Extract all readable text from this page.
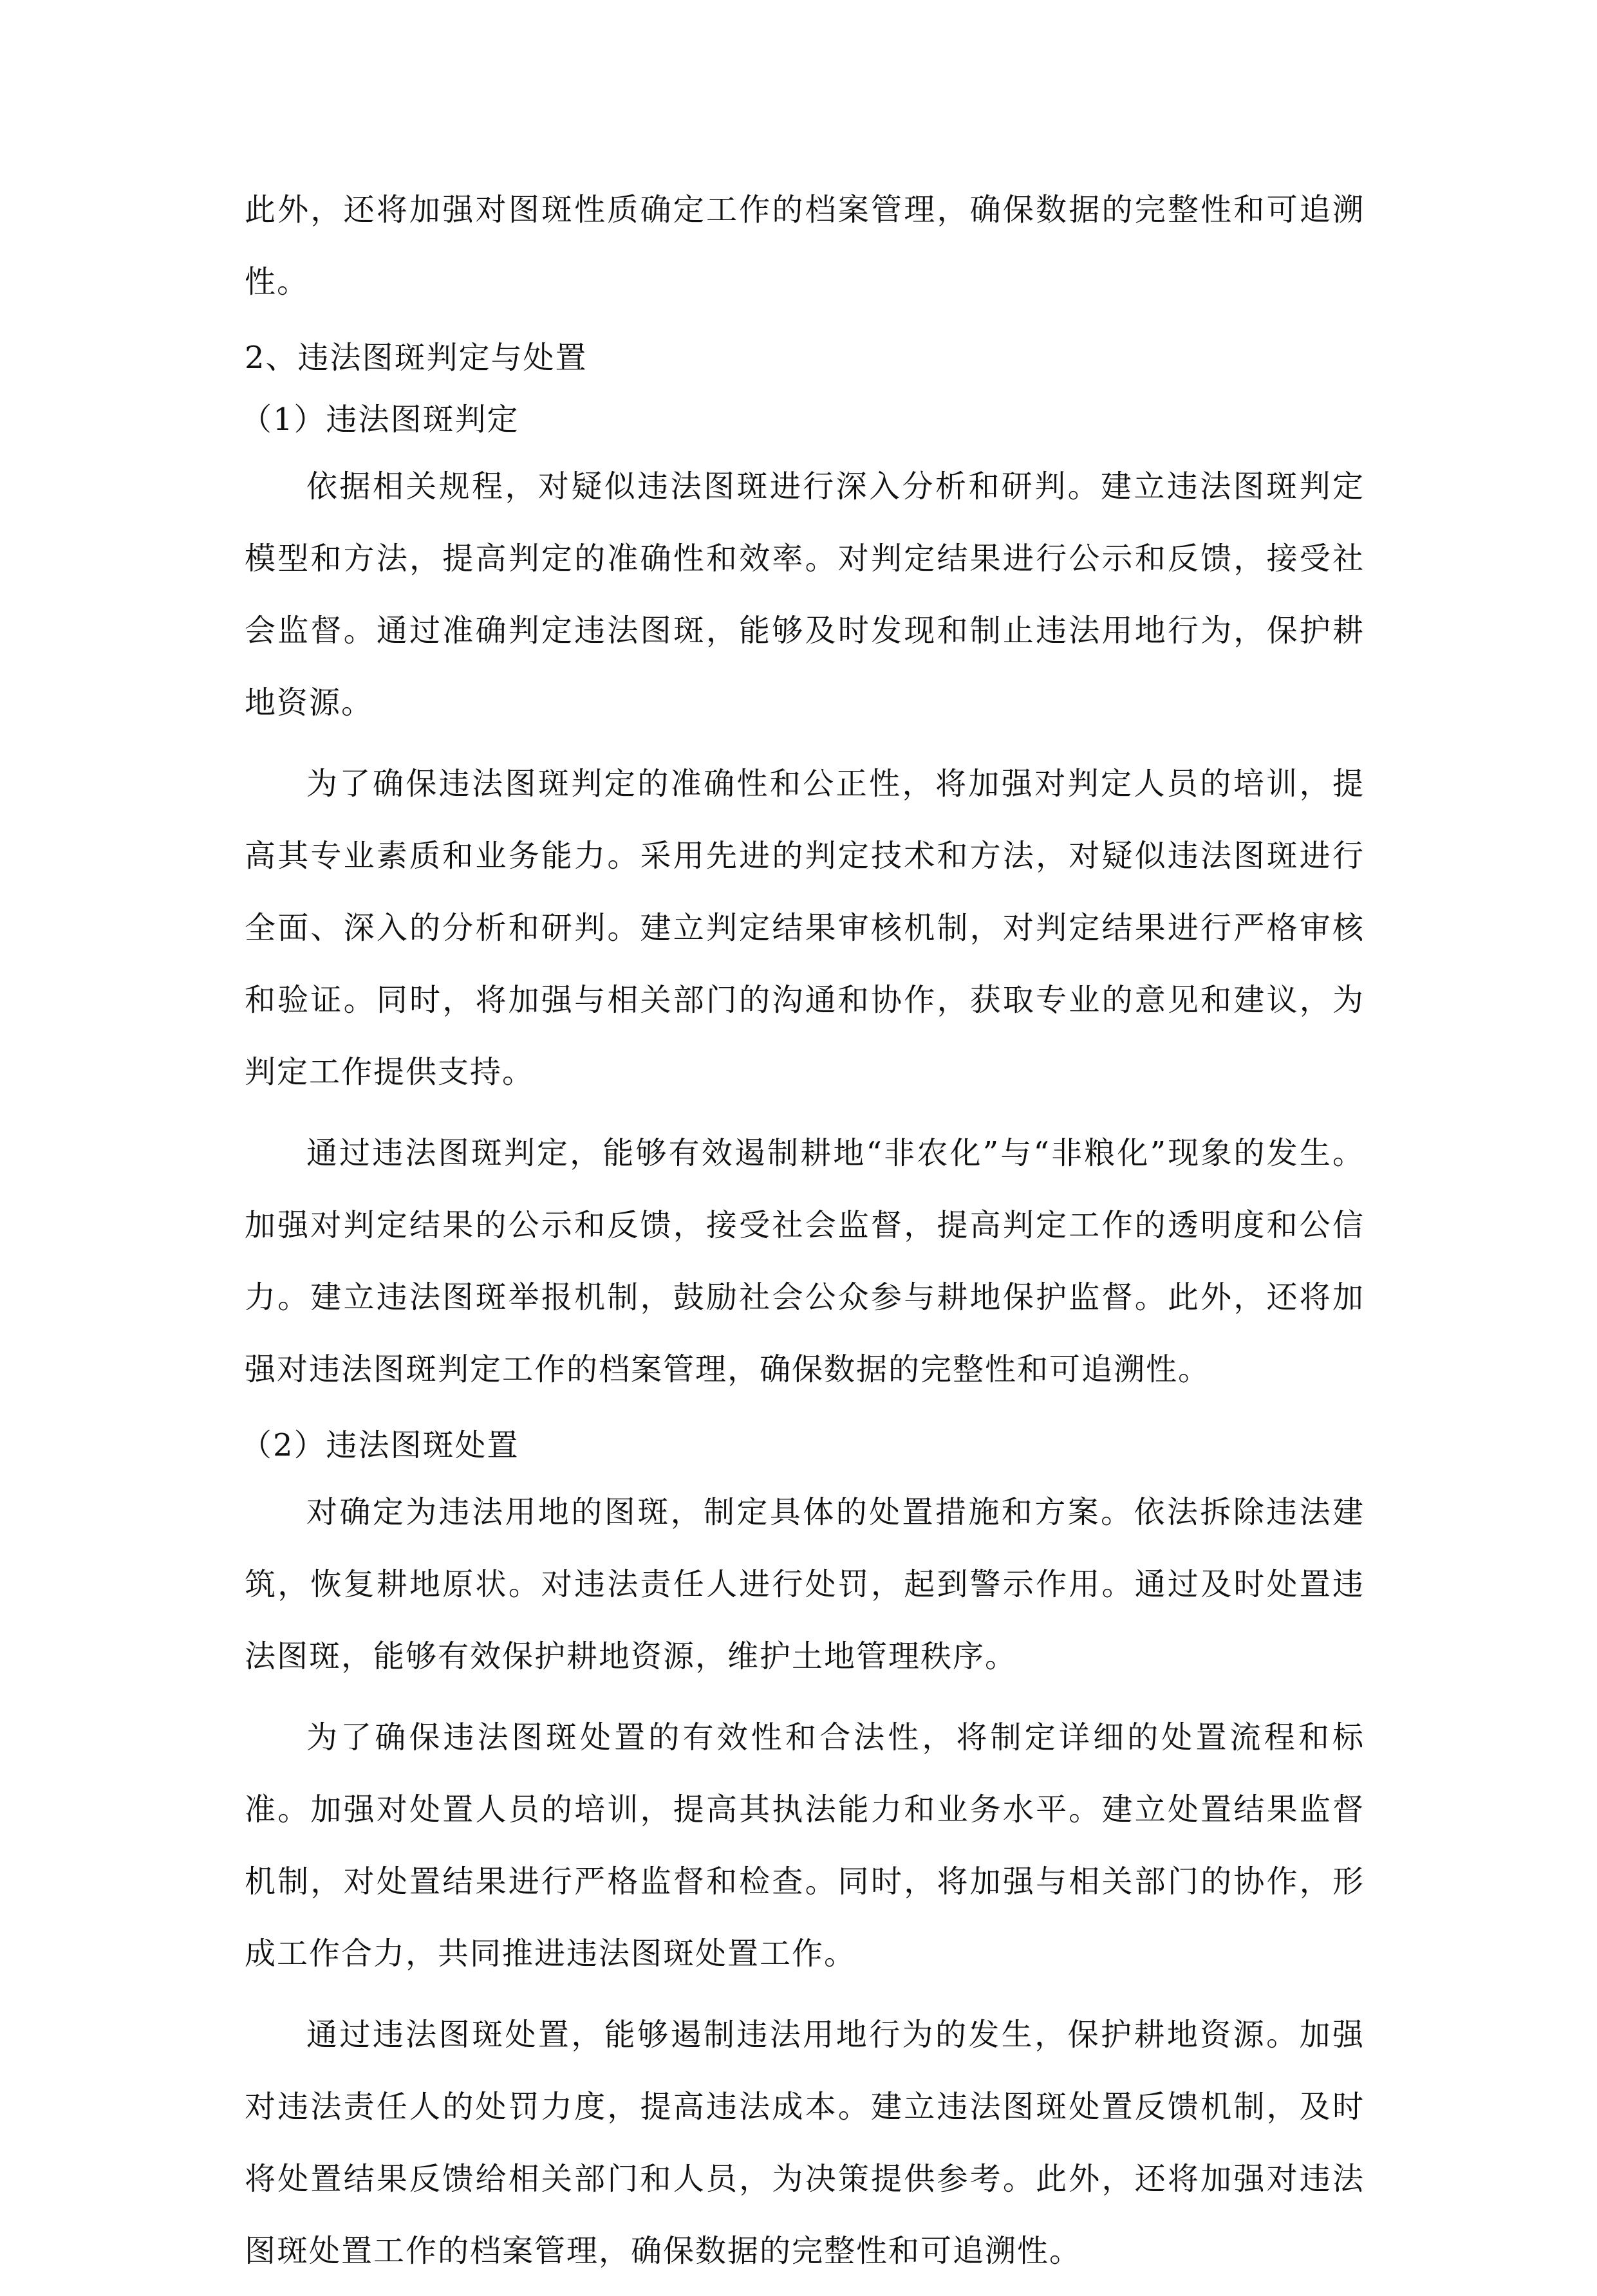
此外，还将加强对图斑性质确定工作的档案管理，确保数据的完整性和可追溯性。

2、违法图斑判定与处置

（1）违法图斑判定

依据相关规程，对疑似违法图斑进行深入分析和研判。建立违法图斑判定模型和方法，提高判定的准确性和效率。对判定结果进行公示和反馈，接受社会监督。通过准确判定违法图斑，能够及时发现和制止违法用地行为，保护耕地资源。

为了确保违法图斑判定的准确性和公正性，将加强对判定人员的培训，提高其专业素质和业务能力。采用先进的判定技术和方法，对疑似违法图斑进行全面、深入的分析和研判。建立判定结果审核机制，对判定结果进行严格审核和验证。同时，将加强与相关部门的沟通和协作，获取专业的意见和建议，为判定工作提供支持。

通过违法图斑判定，能够有效遏制耕地“非农化”与“非粮化”现象的发生。加强对判定结果的公示和反馈，接受社会监督，提高判定工作的透明度和公信力。建立违法图斑举报机制，鼓励社会公众参与耕地保护监督。此外，还将加强对违法图斑判定工作的档案管理，确保数据的完整性和可追溯性。

（2）违法图斑处置

对确定为违法用地的图斑，制定具体的处置措施和方案。依法拆除违法建筑，恢复耕地原状。对违法责任人进行处罚，起到警示作用。通过及时处置违法图斑，能够有效保护耕地资源，维护土地管理秩序。

为了确保违法图斑处置的有效性和合法性，将制定详细的处置流程和标准。加强对处置人员的培训，提高其执法能力和业务水平。建立处置结果监督机制，对处置结果进行严格监督和检查。同时，将加强与相关部门的协作，形成工作合力，共同推进违法图斑处置工作。

通过违法图斑处置，能够遏制违法用地行为的发生，保护耕地资源。加强对违法责任人的处罚力度，提高违法成本。建立违法图斑处置反馈机制，及时将处置结果反馈给相关部门和人员，为决策提供参考。此外，还将加强对违法图斑处置工作的档案管理，确保数据的完整性和可追溯性。
